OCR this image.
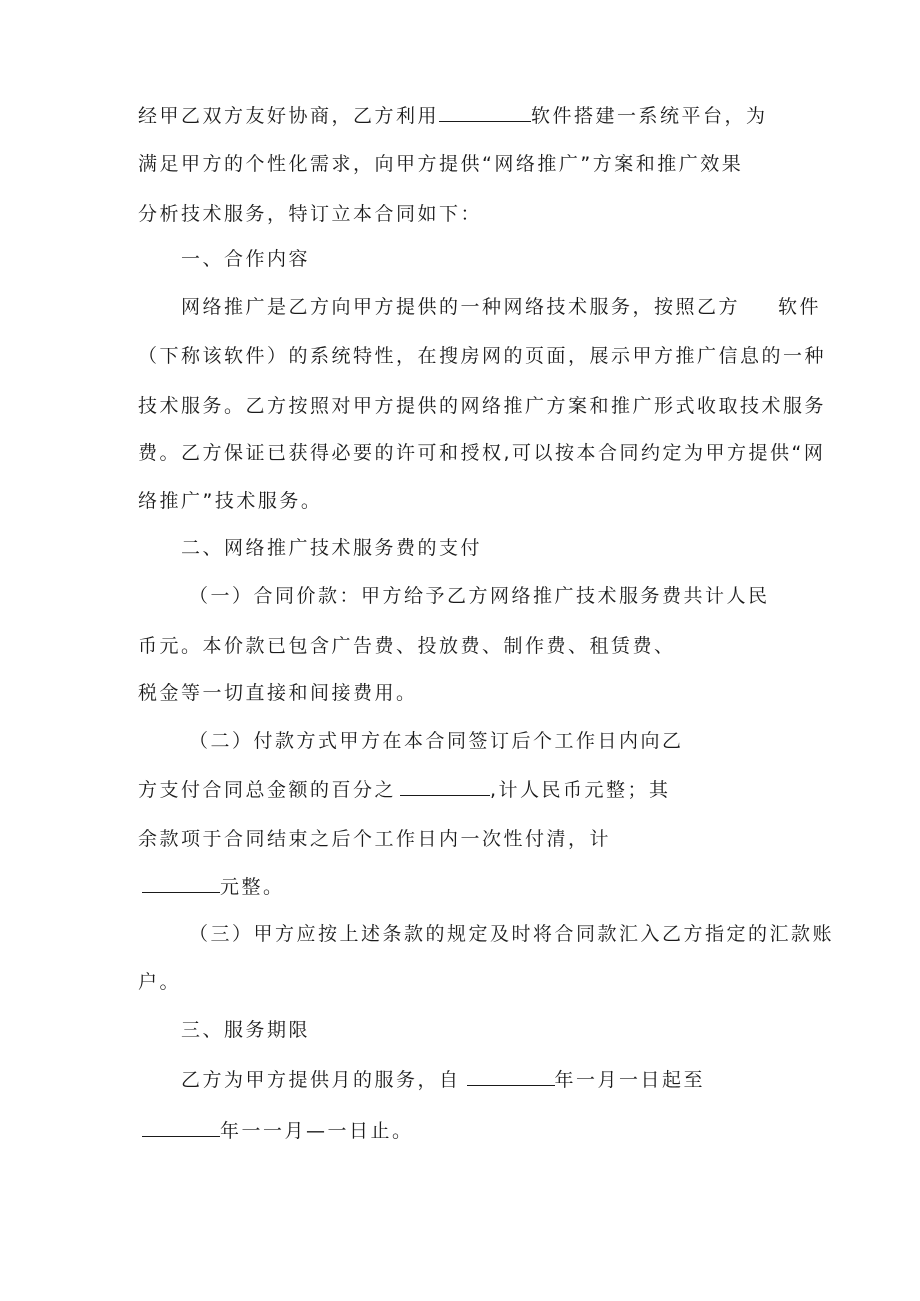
经甲乙双方友好协商，乙方利用	软件搭建一系统平台，为
满足甲方的个性化需求，向甲方提供“网络推广”方案和推广效果
分析技术服务，特订立本合同如下：
一、合作内容
网络推广是乙方向甲方提供的一种网络技术服务，按照乙方 软件
（下称该软件）的系统特性，在搜房网的页面，展示甲方推广信息的一种
技术服务。乙方按照对甲方提供的网络推广方案和推广形式收取技术服务
费。乙方保证已获得必要的许可和授权,可以按本合同约定为甲方提供“网
络推广”技术服务。
二、网络推广技术服务费的支付
（一）合同价款：甲方给予乙方网络推广技术服务费共计人民
币元。本价款已包含广告费、投放费、制作费、租赁费、
税金等一切直接和间接费用。
（二）付款方式甲方在本合同签订后个工作日内向乙
方支付合同总金额的百分之	,计人民币元整；其
余款项于合同结束之后个工作日内一次性付清，计
元整。
（三）甲方应按上述条款的规定及时将合同款汇入乙方指定的汇款账
户。
三、服务期限
乙方为甲方提供月的服务，自	年一月一日起至
年一一月—一日止。
